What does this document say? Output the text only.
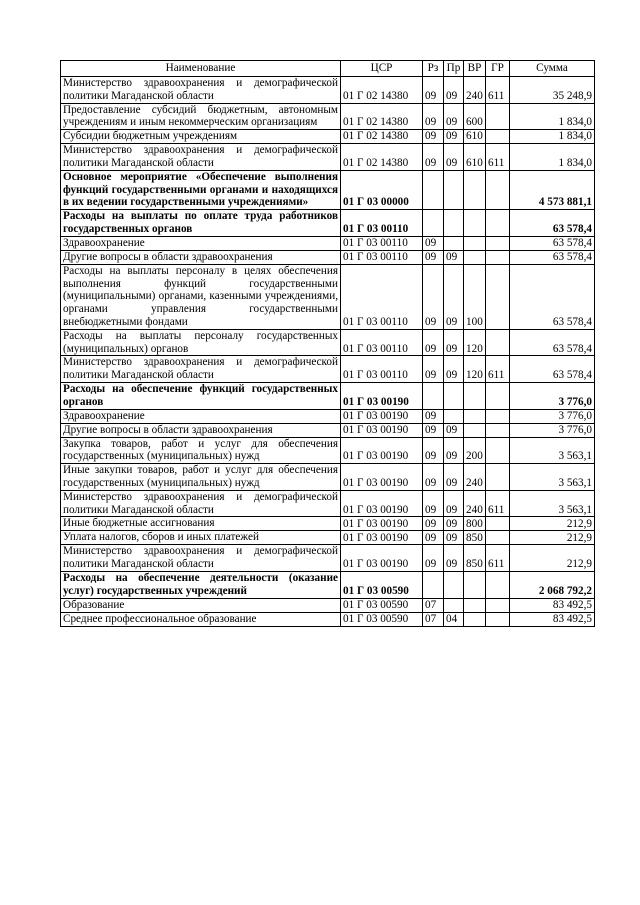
Наименование	ЦСР	Рз	Пр	ВР	ГР	Сумма
Министерство здравоохранения и демографической политики Магаданской области	01 Г 02 14380	09	09	240	611	35 248,9
Предоставление субсидий бюджетным, автономным учреждениям и иным некоммерческим организациям	01 Г 02 14380	09	09	600		1 834,0
Субсидии бюджетным учреждениям	01 Г 02 14380	09	09	610		1 834,0
Министерство здравоохранения и демографической политики Магаданской области	01 Г 02 14380	09	09	610	611	1 834,0
Основное мероприятие «Обеспечение выполнения функций государственными органами и находящихся в их ведении государственными учреждениями»	01 Г 03 00000					4 573 881,1
Расходы на выплаты по оплате труда работников государственных органов	01 Г 03 00110					63 578,4
Здравоохранение	01 Г 03 00110	09				63 578,4
Другие вопросы в области здравоохранения	01 Г 03 00110	09	09			63 578,4
Расходы на выплаты персоналу в целях обеспечения выполнения функций государственными (муниципальными) органами, казенными учреждениями, органами управления государственными внебюджетными фондами	01 Г 03 00110	09	09	100		63 578,4
Расходы на выплаты персоналу государственных (муниципальных) органов	01 Г 03 00110	09	09	120		63 578,4
Министерство здравоохранения и демографической политики Магаданской области	01 Г 03 00110	09	09	120	611	63 578,4
Расходы на обеспечение функций государственных органов	01 Г 03 00190					3 776,0
Здравоохранение	01 Г 03 00190	09				3 776,0
Другие вопросы в области здравоохранения	01 Г 03 00190	09	09			3 776,0
Закупка товаров, работ и услуг для обеспечения государственных (муниципальных) нужд	01 Г 03 00190	09	09	200		3 563,1
Иные закупки товаров, работ и услуг для обеспечения государственных (муниципальных) нужд	01 Г 03 00190	09	09	240		3 563,1
Министерство здравоохранения и демографической политики Магаданской области	01 Г 03 00190	09	09	240	611	3 563,1
Иные бюджетные ассигнования	01 Г 03 00190	09	09	800		212,9
Уплата налогов, сборов и иных платежей	01 Г 03 00190	09	09	850		212,9
Министерство здравоохранения и демографической политики Магаданской области	01 Г 03 00190	09	09	850	611	212,9
Расходы на обеспечение деятельности (оказание услуг) государственных учреждений	01 Г 03 00590					2 068 792,2
Образование	01 Г 03 00590	07				83 492,5
Среднее профессиональное образование	01 Г 03 00590	07	04			83 492,5
